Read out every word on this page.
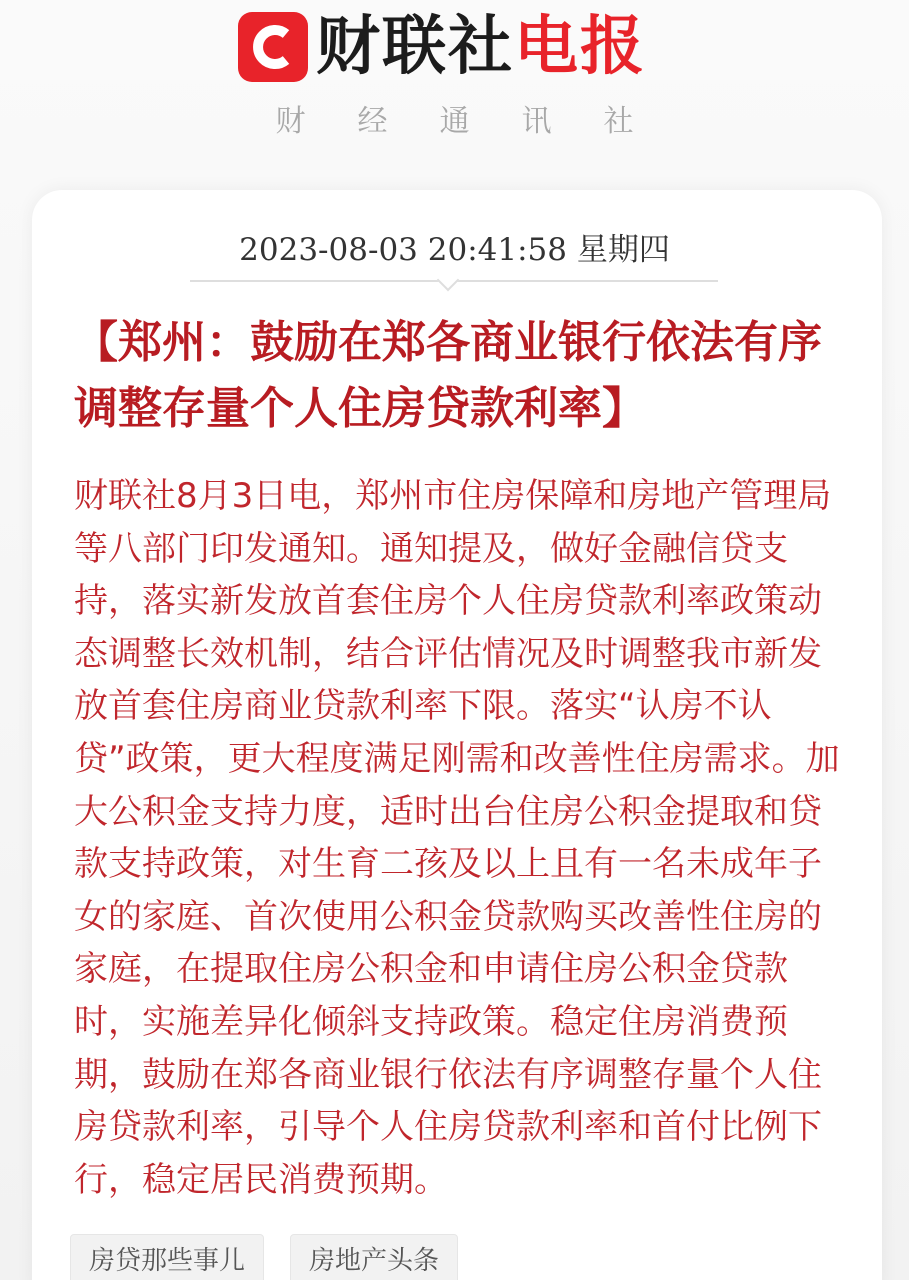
财联社 电报
财经通讯社
2023-08-03 20:41:58 星期四
【郑州：鼓励在郑各商业银行依法有序调整存量个人住房贷款利率】
财联社8月3日电，郑州市住房保障和房地产管理局等八部门印发通知。通知提及，做好金融信贷支持，落实新发放首套住房个人住房贷款利率政策动态调整长效机制，结合评估情况及时调整我市新发放首套住房商业贷款利率下限。落实“认房不认贷”政策，更大程度满足刚需和改善性住房需求。加大公积金支持力度，适时出台住房公积金提取和贷款支持政策，对生育二孩及以上且有一名未成年子女的家庭、首次使用公积金贷款购买改善性住房的家庭，在提取住房公积金和申请住房公积金贷款时，实施差异化倾斜支持政策。稳定住房消费预期，鼓励在郑各商业银行依法有序调整存量个人住房贷款利率，引导个人住房贷款利率和首付比例下行，稳定居民消费预期。
房贷那些事儿	房地产头条
